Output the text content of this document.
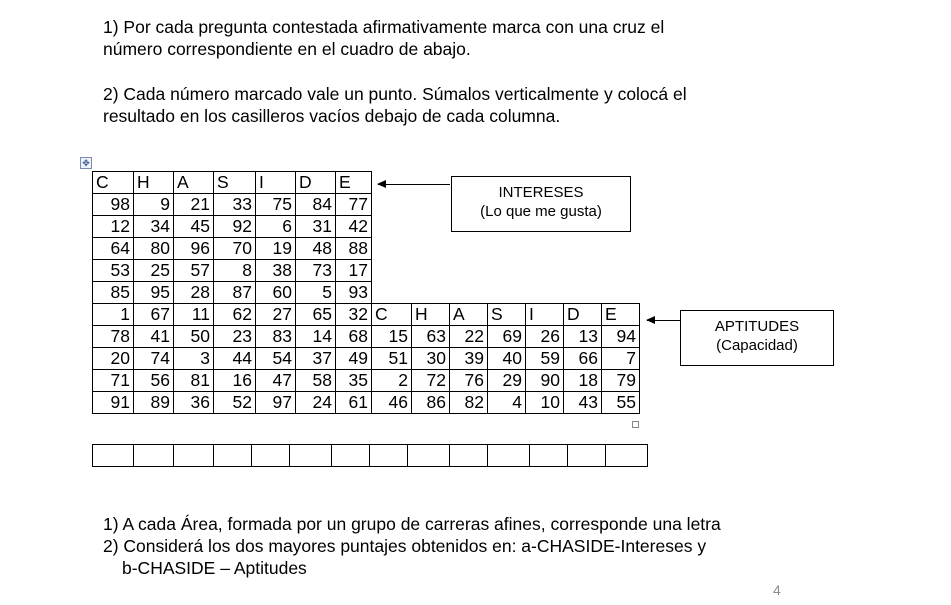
1) Por cada pregunta contestada afirmativamente marca con una cruz el
número correspondiente en el cuadro de abajo.

2) Cada número marcado vale un punto. Súmalos verticalmente y colocá el
resultado en los casilleros vacíos debajo de cada columna.

✥
C	H	A	S	I	D	E							
98	9	21	33	75	84	77							
12	34	45	92	6	31	42							
64	80	96	70	19	48	88							
53	25	57	8	38	73	17							
85	95	28	87	60	5	93							
1	67	11	62	27	65	32	C	H	A	S	I	D	E
78	41	50	23	83	14	68	15	63	22	69	26	13	94
20	74	3	44	54	37	49	51	30	39	40	59	66	7
71	56	81	16	47	58	35	2	72	76	29	90	18	79
91	89	36	52	97	24	61	46	86	82	4	10	43	55
INTERESES
(Lo que me gusta)
APTITUDES
(Capacidad)

1) A cada Área, formada por un grupo de carreras afines, corresponde una letra
2) Considerá los dos mayores puntajes obtenidos en: a-CHASIDE-Intereses y
b-CHASIDE – Aptitudes
4
